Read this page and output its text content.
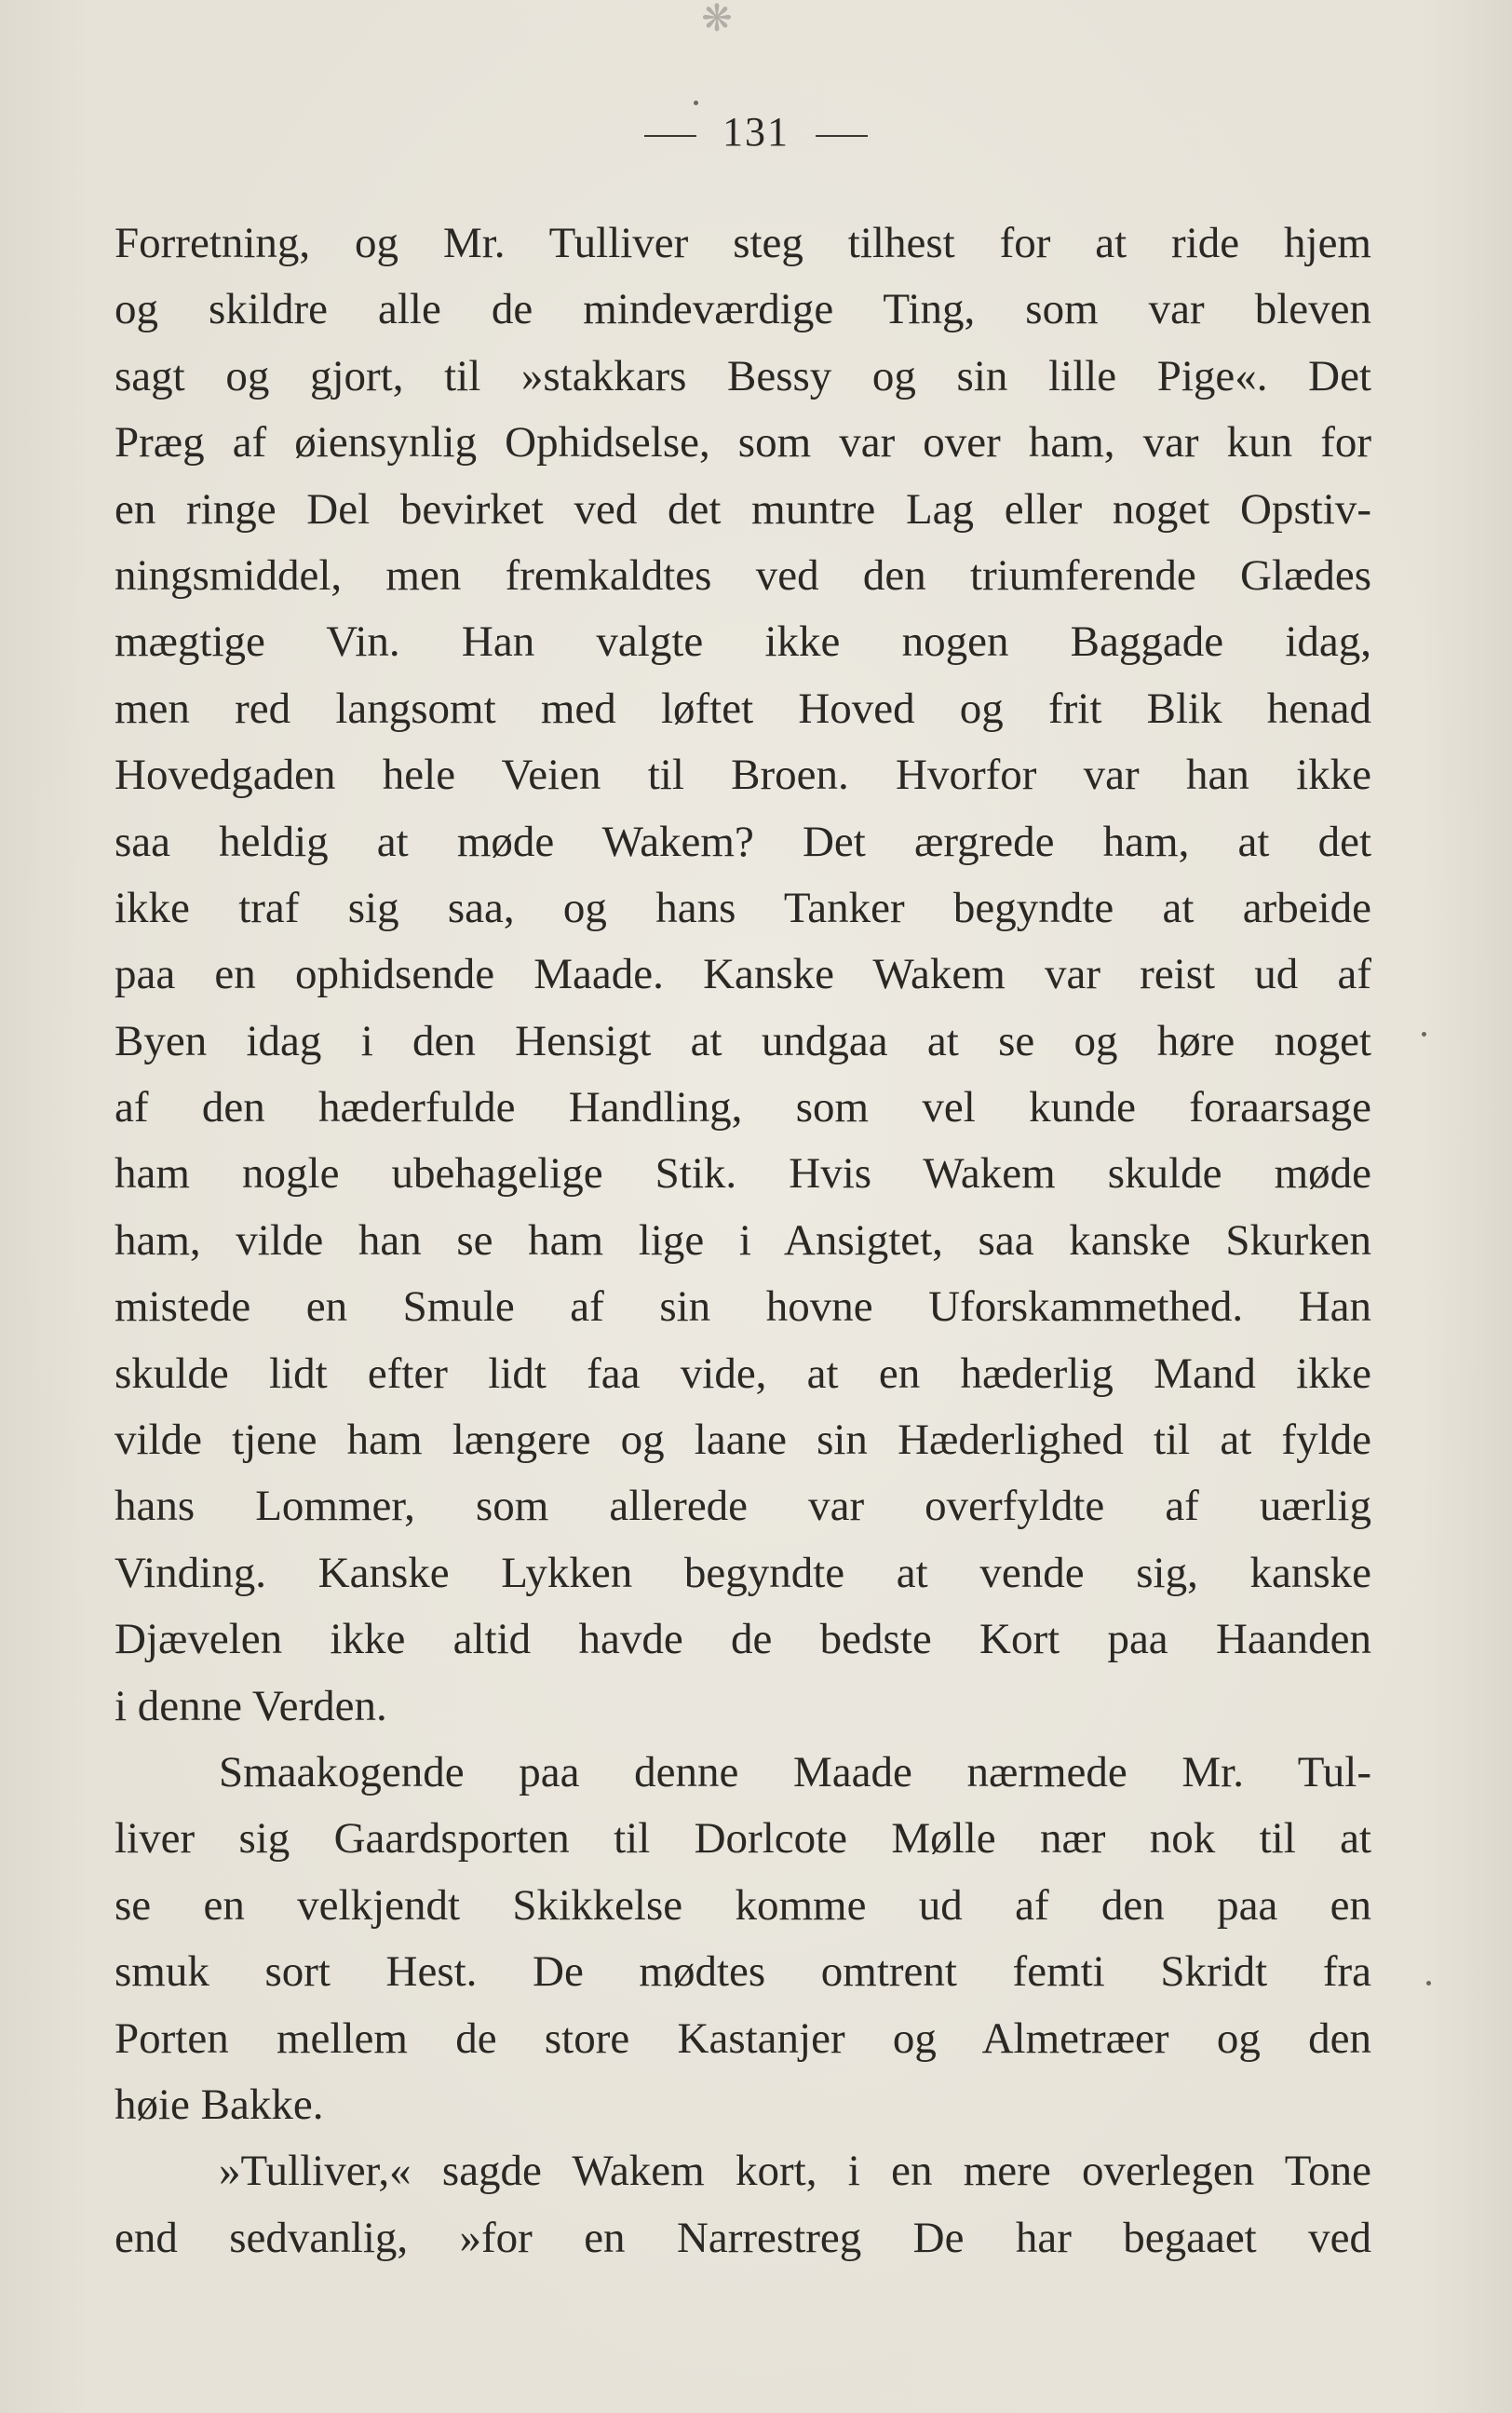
❋
131
Forretning, og Mr. Tulliver steg tilhest for at ride hjem
og skildre alle de mindeværdige Ting, som var bleven
sagt og gjort, til »stakkars Bessy og sin lille Pige«. Det
Præg af øiensynlig Ophidselse, som var over ham, var kun for
en ringe Del bevirket ved det muntre Lag eller noget Opstiv-
ningsmiddel, men fremkaldtes ved den triumferende Glædes
mægtige Vin. Han valgte ikke nogen Baggade idag,
men red langsomt med løftet Hoved og frit Blik henad
Hovedgaden hele Veien til Broen. Hvorfor var han ikke
saa heldig at møde Wakem? Det ærgrede ham, at det
ikke traf sig saa, og hans Tanker begyndte at arbeide
paa en ophidsende Maade. Kanske Wakem var reist ud af
Byen idag i den Hensigt at undgaa at se og høre noget
af den hæderfulde Handling, som vel kunde foraarsage
ham nogle ubehagelige Stik. Hvis Wakem skulde møde
ham, vilde han se ham lige i Ansigtet, saa kanske Skurken
mistede en Smule af sin hovne Uforskammethed. Han
skulde lidt efter lidt faa vide, at en hæderlig Mand ikke
vilde tjene ham længere og laane sin Hæderlighed til at fylde
hans Lommer, som allerede var overfyldte af uærlig
Vinding. Kanske Lykken begyndte at vende sig, kanske
Djævelen ikke altid havde de bedste Kort paa Haanden
i denne Verden.
Smaakogende paa denne Maade nærmede Mr. Tul-
liver sig Gaardsporten til Dorlcote Mølle nær nok til at
se en velkjendt Skikkelse komme ud af den paa en
smuk sort Hest. De mødtes omtrent femti Skridt fra
Porten mellem de store Kastanjer og Almetræer og den
høie Bakke.
»Tulliver,« sagde Wakem kort, i en mere overlegen Tone
end sedvanlig, »for en Narrestreg De har begaaet ved
